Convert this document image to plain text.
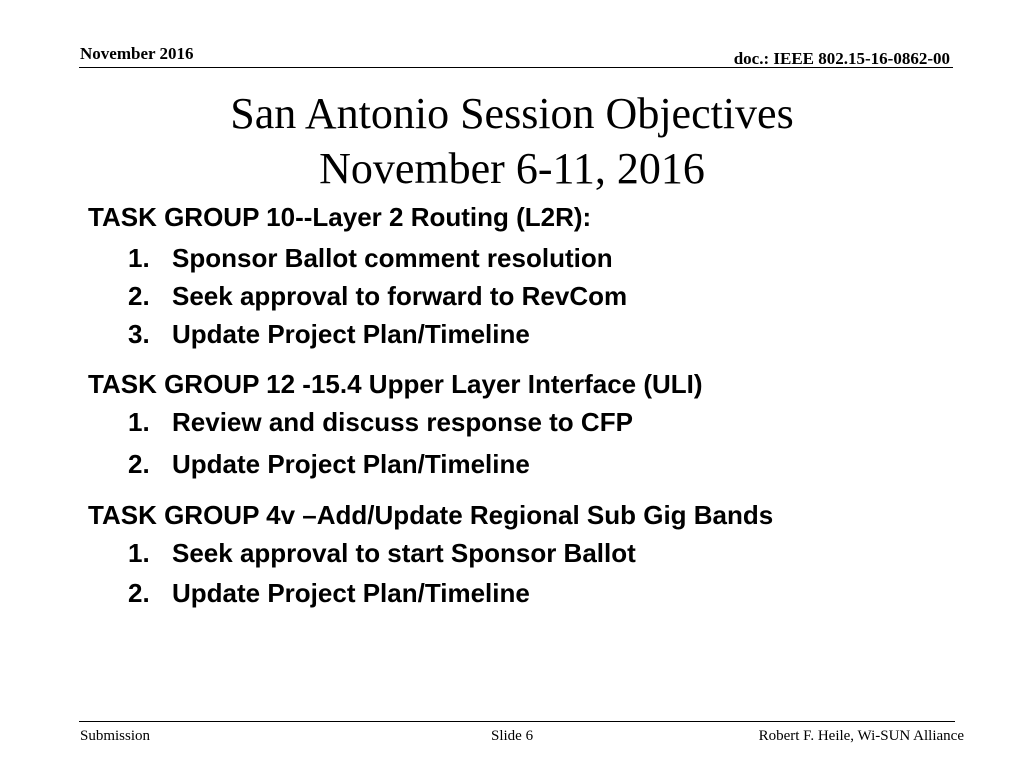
November 2016	doc.: IEEE 802.15-16-0862-00
San Antonio Session Objectives
November 6-11, 2016
TASK GROUP 10--Layer 2 Routing (L2R):
1. Sponsor Ballot comment resolution
2. Seek approval to forward to RevCom
3. Update Project Plan/Timeline
TASK GROUP 12 -15.4 Upper Layer Interface (ULI)
1. Review and discuss response to CFP
2. Update Project Plan/Timeline
TASK GROUP 4v –Add/Update Regional Sub Gig Bands
1. Seek approval to start Sponsor Ballot
2. Update Project Plan/Timeline
Submission	Slide 6	Robert F. Heile, Wi-SUN Alliance
